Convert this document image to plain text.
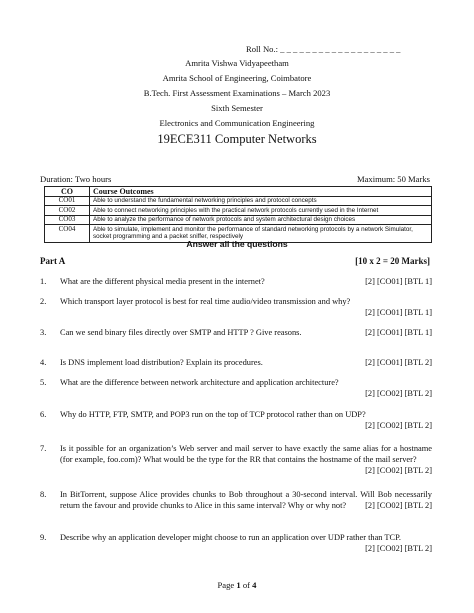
Roll No.: _ _ _ _ _ _ _ _ _ _ _ _ _ _ _ _ _ _ _
Amrita Vishwa Vidyapeetham
Amrita School of Engineering, Coimbatore
B.Tech. First Assessment Examinations – March 2023
Sixth Semester
Electronics and Communication Engineering
19ECE311 Computer Networks
Duration: Two hours	Maximum: 50 Marks
CO	Course Outcomes
CO01	Able to understand the fundamental networking principles and protocol concepts
CO02	Able to connect networking principles with the practical network protocols currently used in the Internet
CO03	Able to analyze the performance of network protocols and system architectural design choices
CO04	Able to simulate, implement and monitor the performance of standard networking protocols by a network Simulator, socket programming and a packet sniffer, respectively
Answer all the questions
Part A	[10 x 2 = 20 Marks]
1.	[2] [CO01] [BTL 1]
What are the different physical media present in the internet?
2. Which transport layer protocol is best for real time audio/video transmission and why?
[2] [CO01] [BTL 1]
3.	[2] [CO01] [BTL 1]
Can we send binary files directly over SMTP and HTTP ? Give reasons.
4.	[2] [CO01] [BTL 2]
Is DNS implement load distribution? Explain its procedures.
5. What are the difference between network architecture and application architecture?
[2] [CO02] [BTL 2]
6. Why do HTTP, FTP, SMTP, and POP3 run on the top of TCP protocol rather than on UDP?
[2] [CO02] [BTL 2]
7. Is it possible for an organization’s Web server and mail server to have exactly the same alias for a hostname (for example, foo.com)? What would be the type for the RR that contains the hostname of the mail server?
[2] [CO02] [BTL 2]
8. In BitTorrent, suppose Alice provides chunks to Bob throughout a 30-second interval. Will Bob necessarily return the favour and provide chunks to Alice in this same interval? Why or why not? [2] [CO02] [BTL 2]
9. Describe why an application developer might choose to run an application over UDP rather than TCP.
[2] [CO02] [BTL 2]
Page 1 of 4
